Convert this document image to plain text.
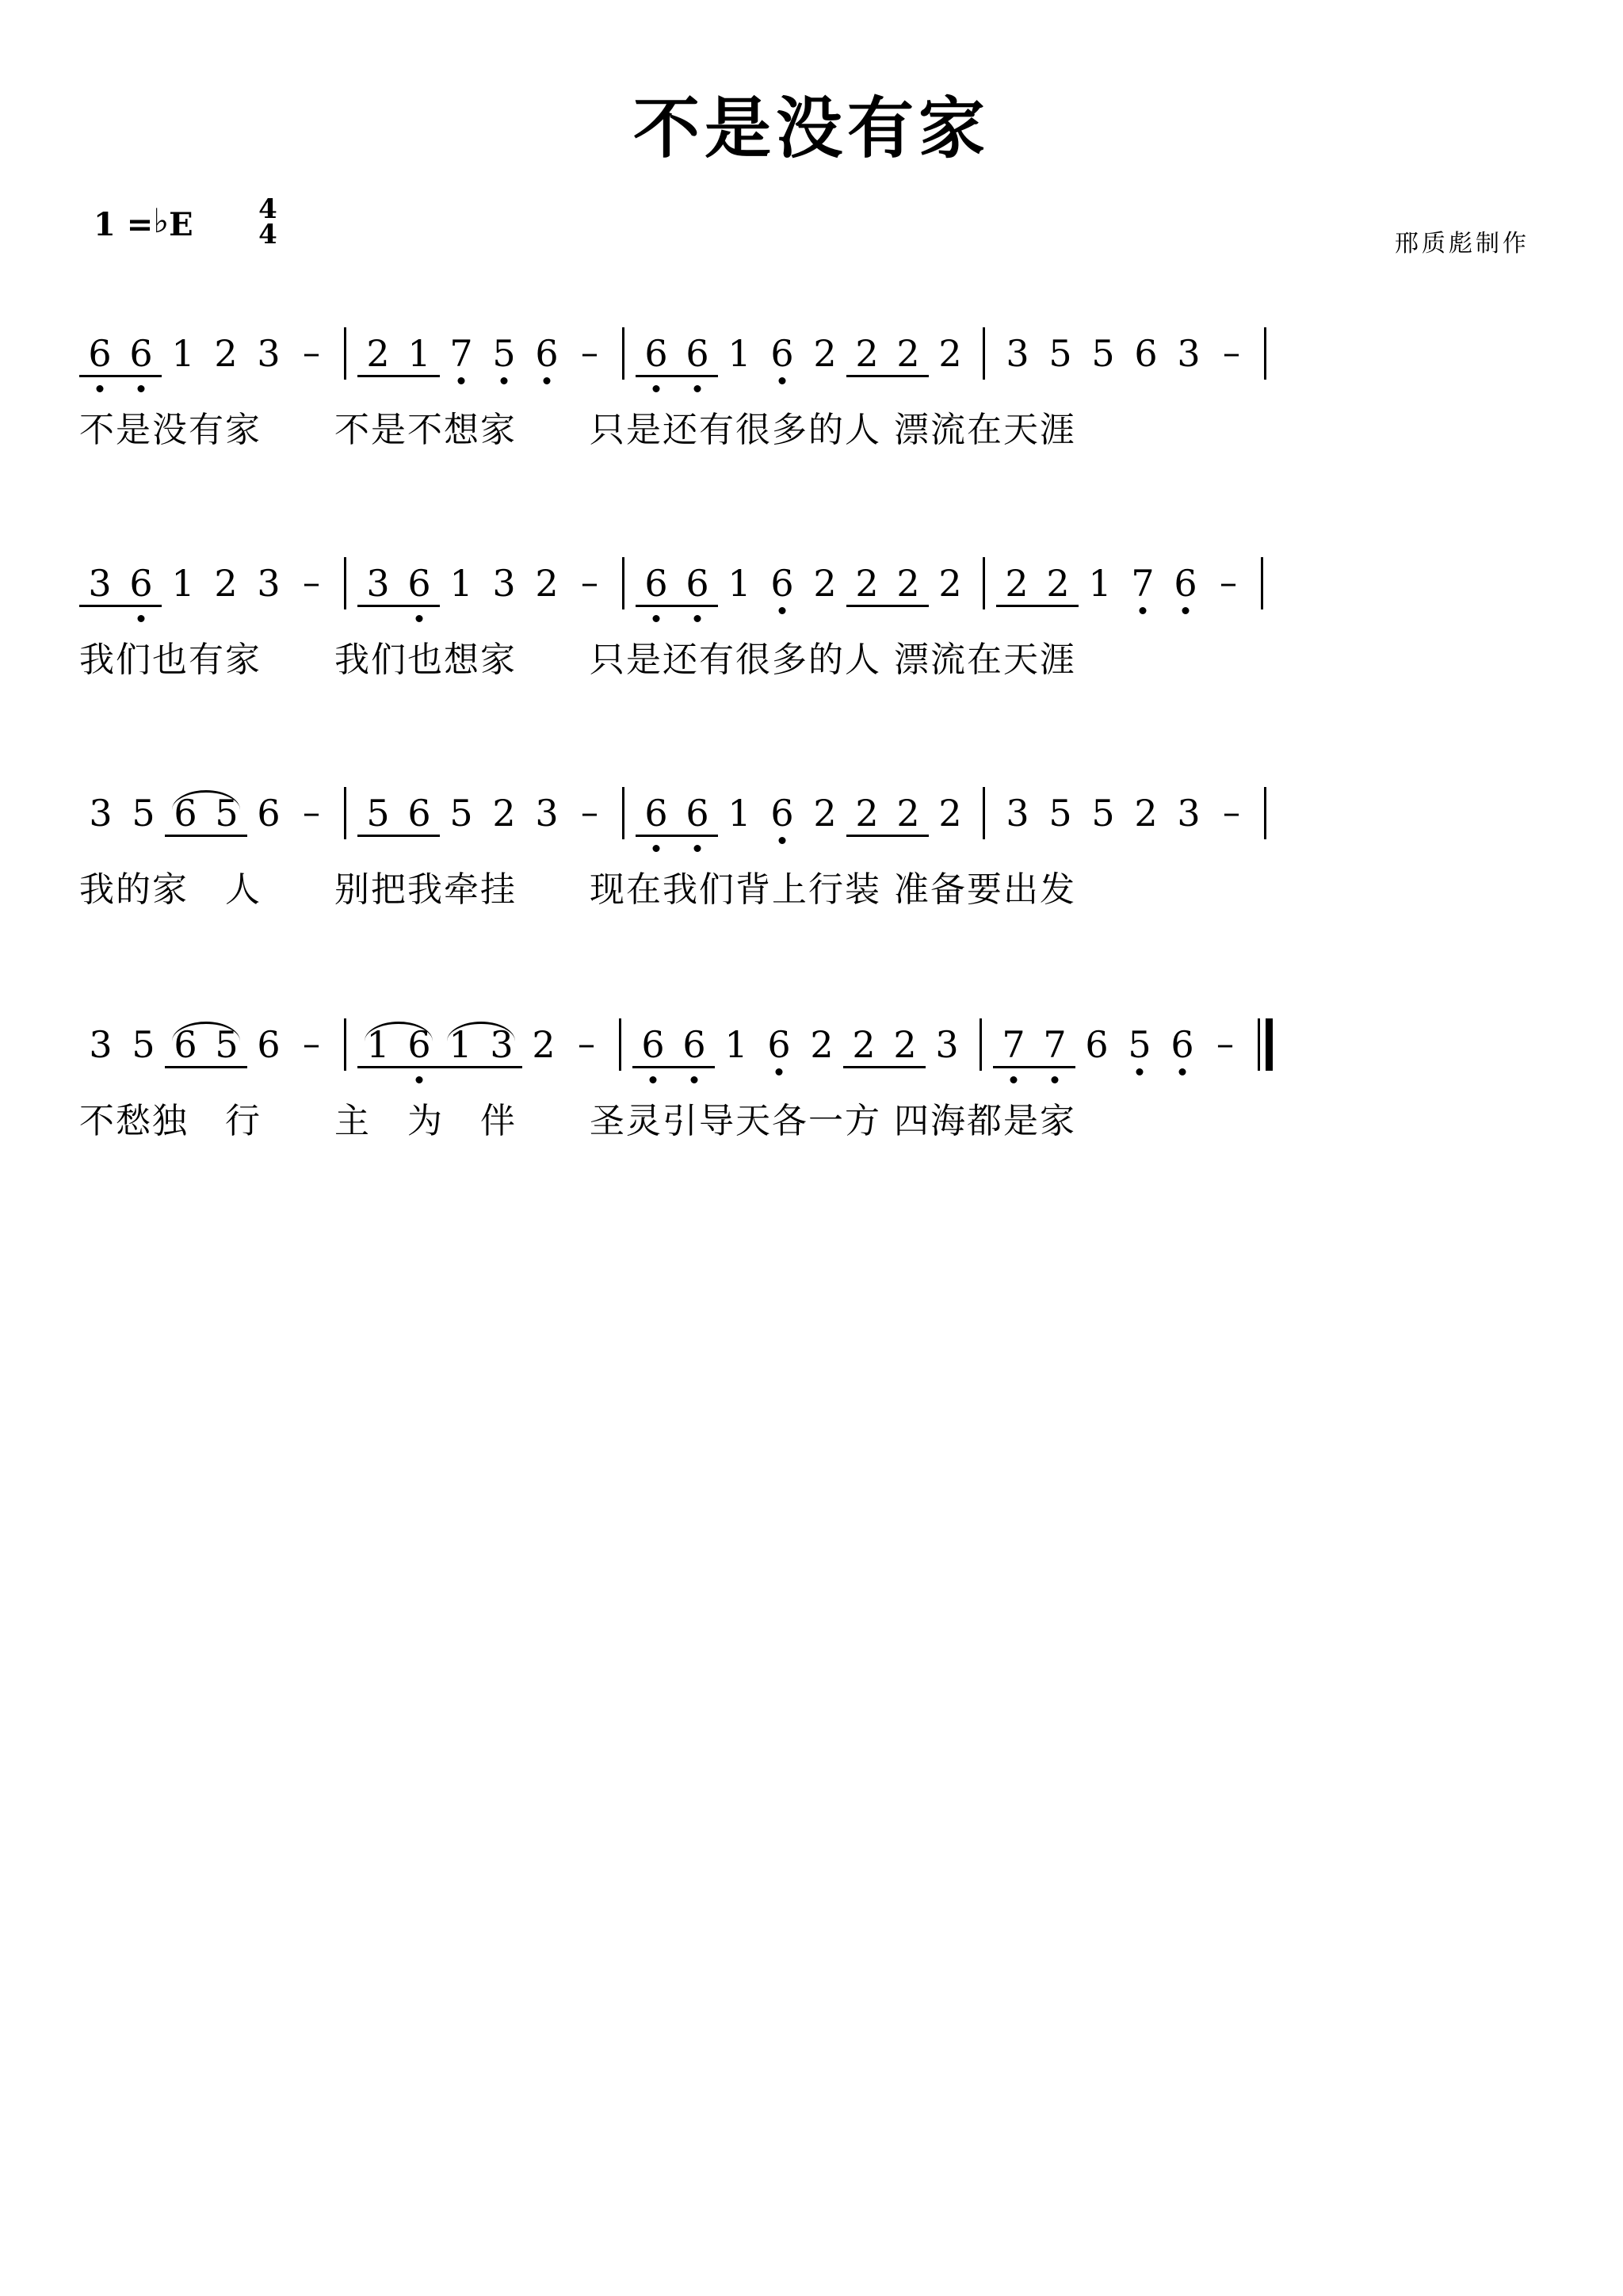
不是没有家
1 = ♭ E 4
4	邢质彪制作
6 6 1 2 3 –	2 1 7 5 6 –	6 6 1 6 2 2 2 2 3 5 5 6 3 –
不是没有家　　不是不想家　　只是还有很多的人 漂流在天涯
3 6 1 2 3 –	3 6 1 3 2 –	6 6 1 6 2 2 2 2 2 2 1 7 6 –
我们也有家　　我们也想家　　只是还有很多的人 漂流在天涯
3 5 6 5 6 –	5 6 5 2 3 –	6 6 1 6 2 2 2 2 3 5 5 2 3 –
我的家　人　　别把我牵挂　　现在我们背上行装 准备要出发
3 5 6 5 6 –	1 6 1 3 2 –	6 6 1 6 2 2 2 3 7 7 6 5 6 –
不愁独　行　　主　为　伴　　圣灵引导天各一方 四海都是家
